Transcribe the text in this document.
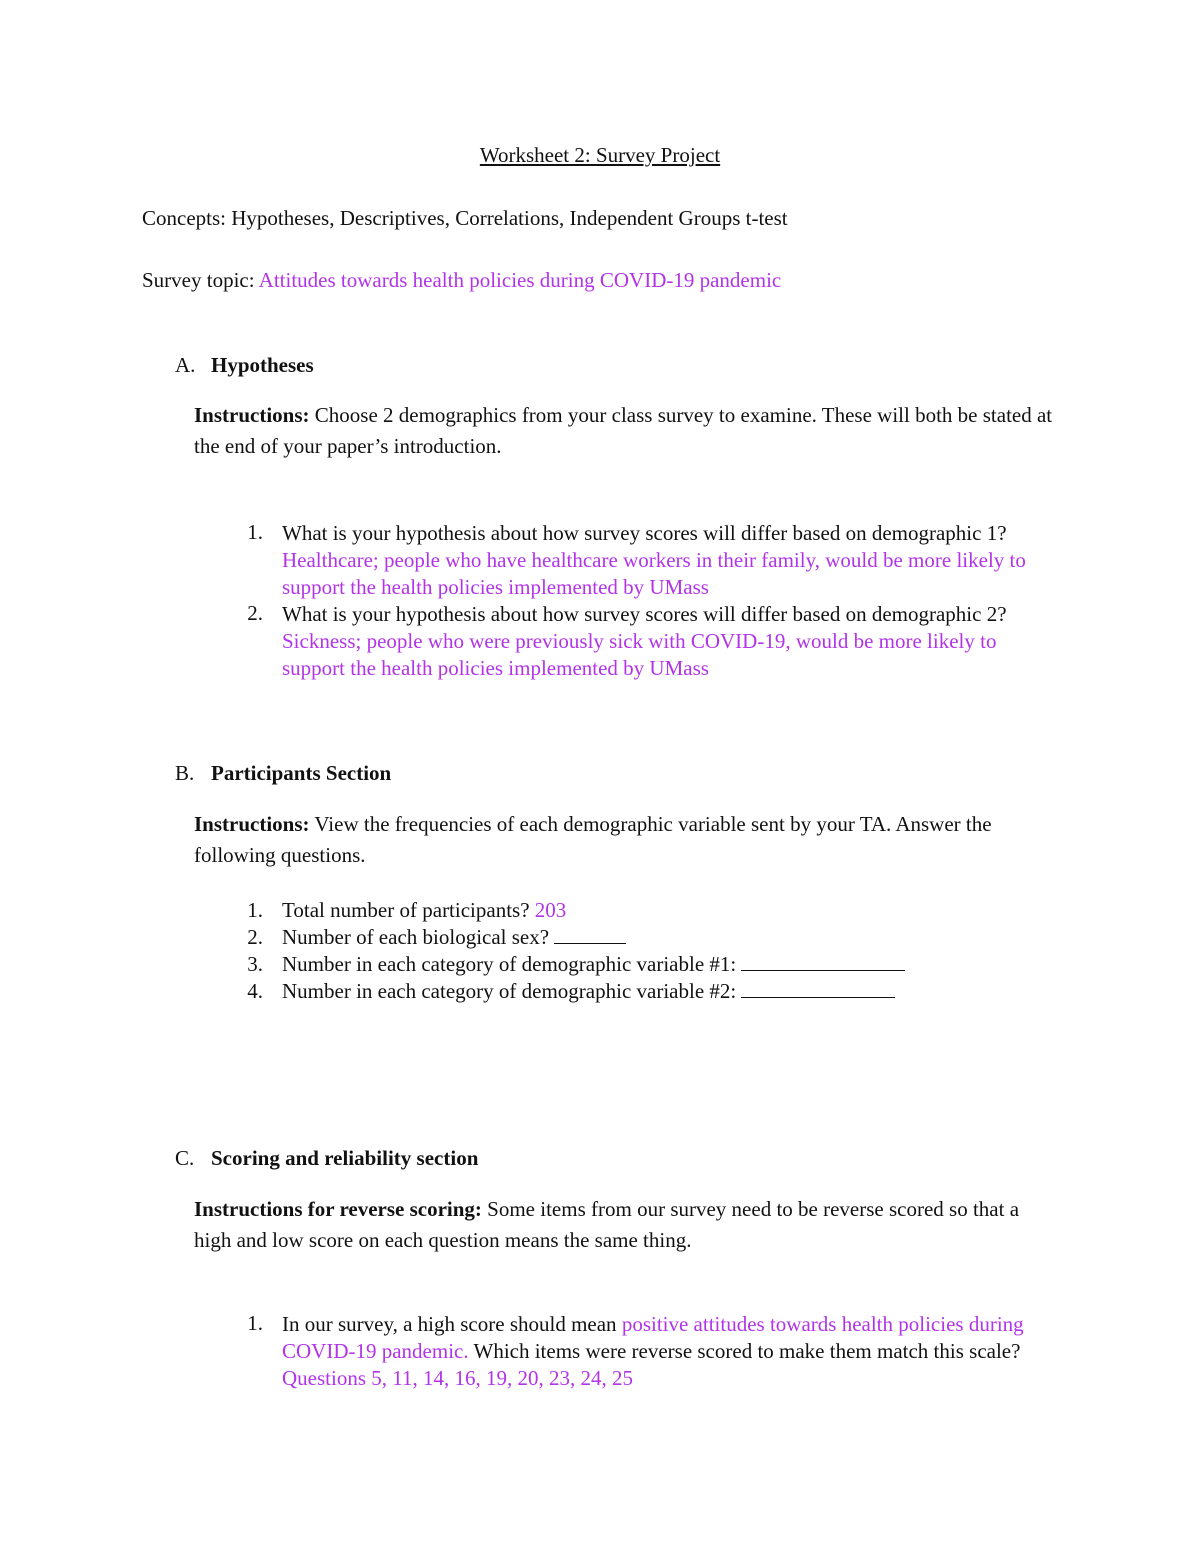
Worksheet 2: Survey Project
Concepts: Hypotheses, Descriptives, Correlations, Independent Groups t-test
Survey topic: Attitudes towards health policies during COVID-19 pandemic
A. Hypotheses
Instructions: Choose 2 demographics from your class survey to examine. These will both be stated at the end of your paper’s introduction.
1. What is your hypothesis about how survey scores will differ based on demographic 1? Healthcare; people who have healthcare workers in their family, would be more likely to support the health policies implemented by UMass
2. What is your hypothesis about how survey scores will differ based on demographic 2? Sickness; people who were previously sick with COVID-19, would be more likely to support the health policies implemented by UMass
B. Participants Section
Instructions: View the frequencies of each demographic variable sent by your TA. Answer the following questions.
1. Total number of participants? 203
2. Number of each biological sex?
3. Number in each category of demographic variable #1:
4. Number in each category of demographic variable #2:
C. Scoring and reliability section
Instructions for reverse scoring: Some items from our survey need to be reverse scored so that a high and low score on each question means the same thing.
1. In our survey, a high score should mean positive attitudes towards health policies during COVID-19 pandemic. Which items were reverse scored to make them match this scale? Questions 5, 11, 14, 16, 19, 20, 23, 24, 25
